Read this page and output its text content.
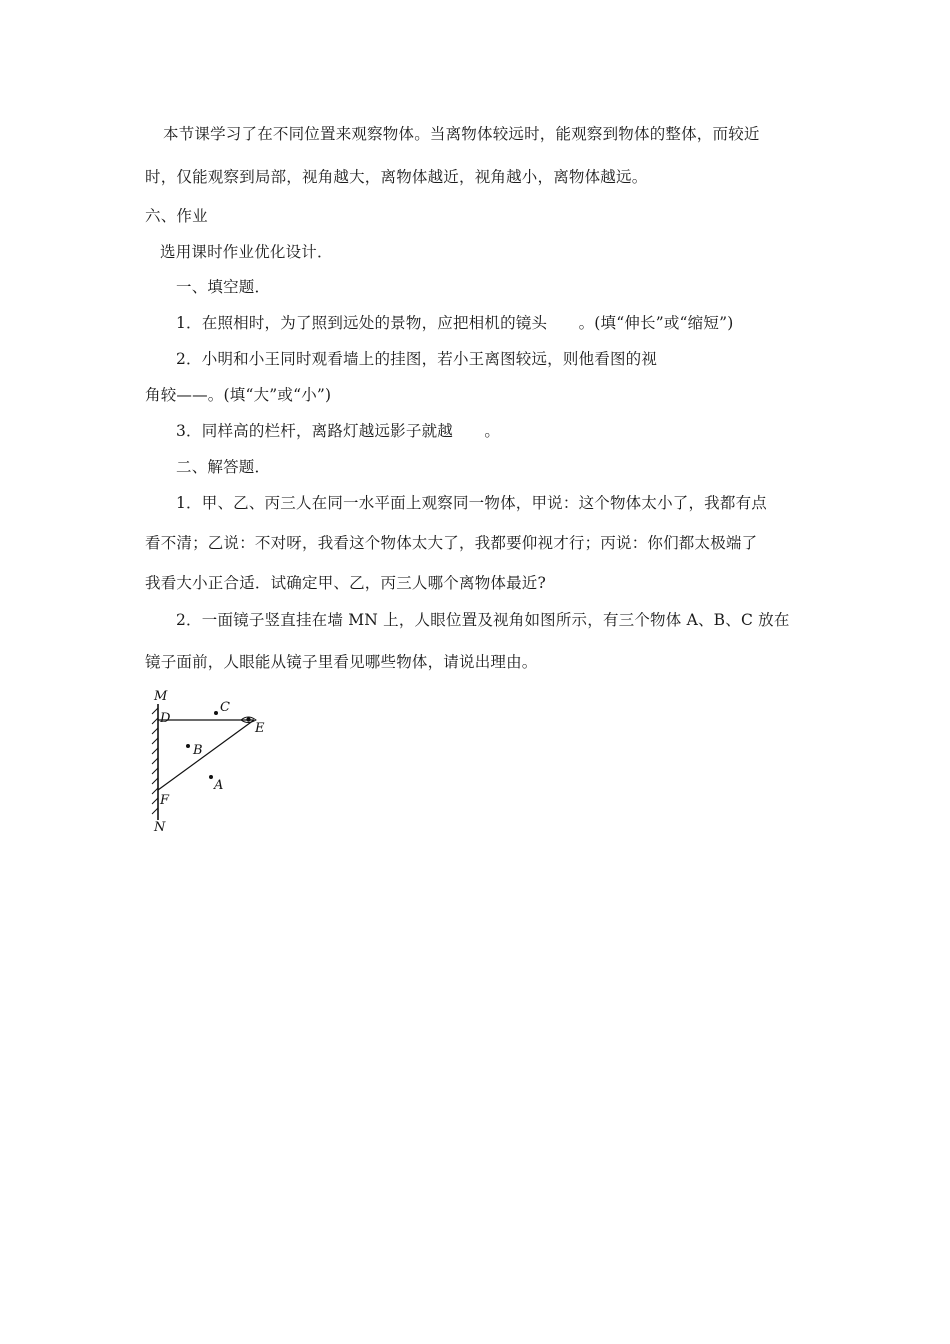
本节课学习了在不同位置来观察物体。当离物体较远时，能观察到物体的整体，而较近
时，仅能观察到局部，视角越大，离物体越近，视角越小，离物体越远。
六、作业
选用课时作业优化设计．
一、填空题．
1．在照相时，为了照到远处的景物，应把相机的镜头　　。(填“伸长”或“缩短”)
2．小明和小王同时观看墙上的挂图，若小王离图较远，则他看图的视
角较——。(填“大”或“小”)
3．同样高的栏杆，离路灯越远影子就越　　。
二、解答题．
1．甲、乙、丙三人在同一水平面上观察同一物体，甲说：这个物体太小了，我都有点
看不清；乙说：不对呀，我看这个物体太大了，我都要仰视才行；丙说：你们都太极端了
我看大小正合适．试确定甲、乙，丙三人哪个离物体最近?
2．一面镜子竖直挂在墙 MN 上，人眼位置及视角如图所示，有三个物体 A、B、C 放在
镜子面前，人眼能从镜子里看见哪些物体，请说出理由。
M
D
C
E
B
A
F
N
